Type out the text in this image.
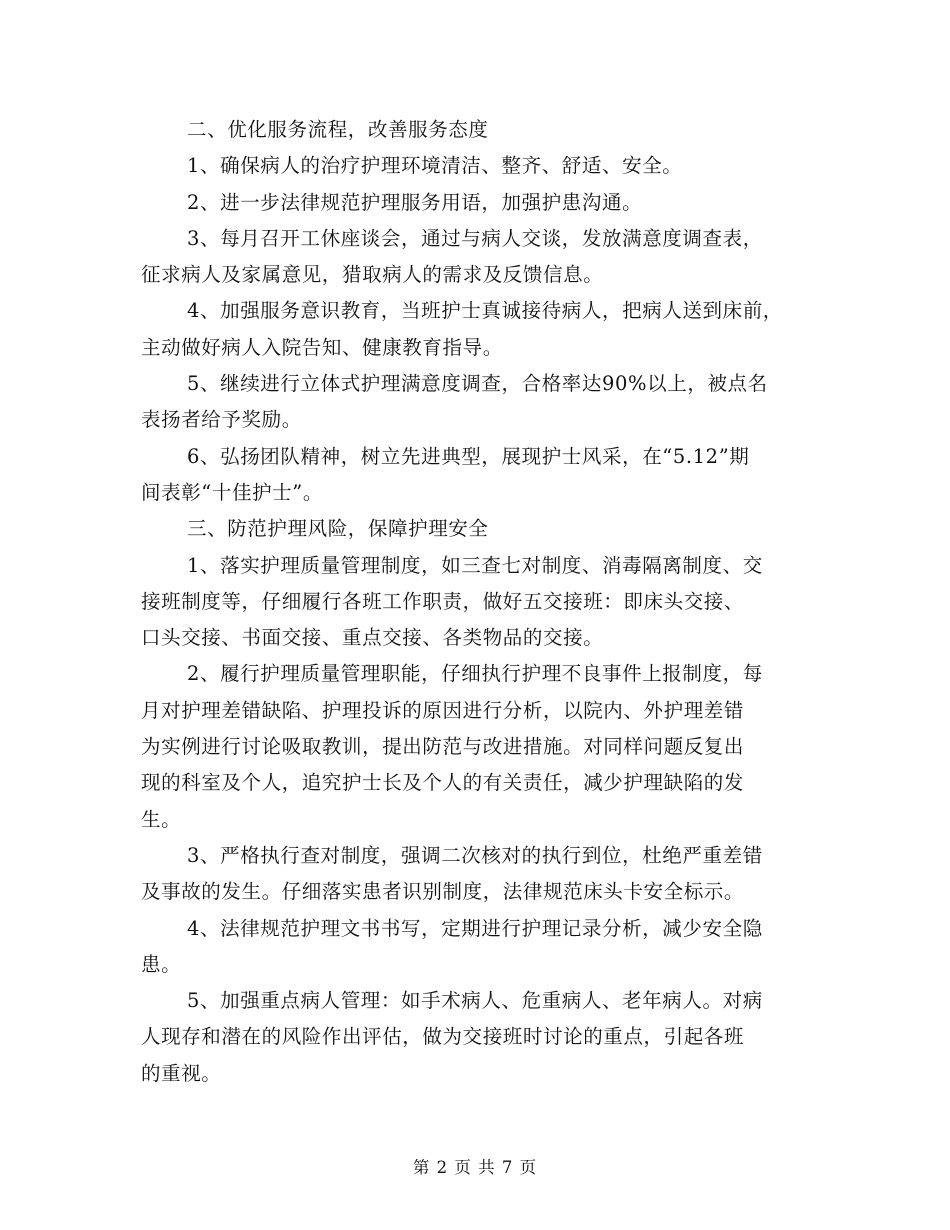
二、优化服务流程，改善服务态度

1、确保病人的治疗护理环境清洁、整齐、舒适、安全。

2、进一步法律规范护理服务用语，加强护患沟通。

3、每月召开工休座谈会，通过与病人交谈，发放满意度调查表，
征求病人及家属意见，猎取病人的需求及反馈信息。

4、加强服务意识教育，当班护士真诚接待病人，把病人送到床前，
主动做好病人入院告知、健康教育指导。

5、继续进行立体式护理满意度调查，合格率达90%以上，被点名
表扬者给予奖励。

6、弘扬团队精神，树立先进典型，展现护士风采，在“5.12”期
间表彰“十佳护士”。

三、防范护理风险，保障护理安全

1、落实护理质量管理制度，如三查七对制度、消毒隔离制度、交
接班制度等，仔细履行各班工作职责，做好五交接班：即床头交接、
口头交接、书面交接、重点交接、各类物品的交接。

2、履行护理质量管理职能，仔细执行护理不良事件上报制度，每
月对护理差错缺陷、护理投诉的原因进行分析，以院内、外护理差错
为实例进行讨论吸取教训，提出防范与改进措施。对同样问题反复出
现的科室及个人，追究护士长及个人的有关责任，减少护理缺陷的发
生。

3、严格执行查对制度，强调二次核对的执行到位，杜绝严重差错
及事故的发生。仔细落实患者识别制度，法律规范床头卡安全标示。

4、法律规范护理文书书写，定期进行护理记录分析，减少安全隐
患。

5、加强重点病人管理：如手术病人、危重病人、老年病人。对病
人现存和潜在的风险作出评估，做为交接班时讨论的重点，引起各班
的重视。

第 2 页 共 7 页
